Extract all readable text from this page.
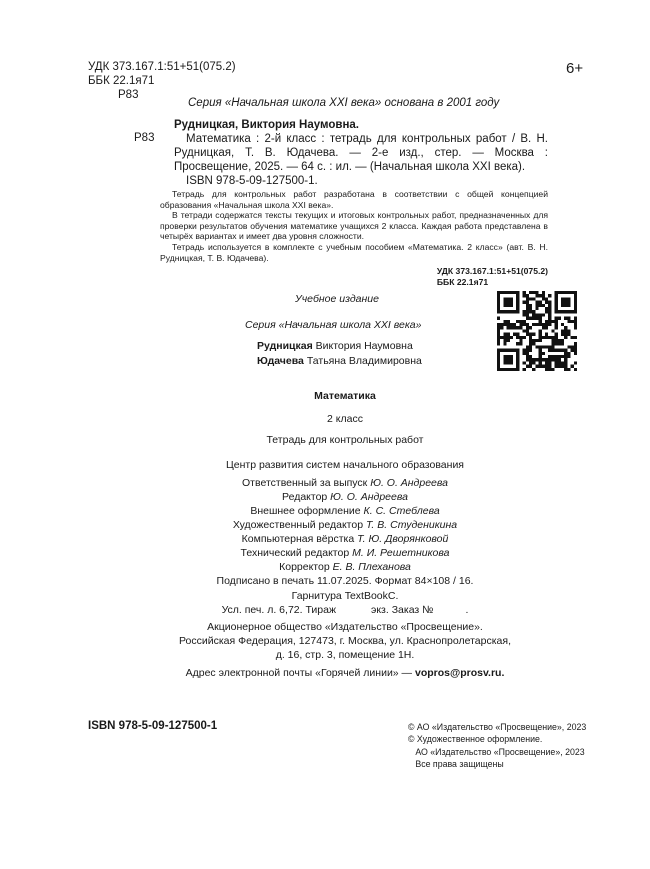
УДК 373.167.1:51+51(075.2)
ББК 22.1я71
Р83
6+
Серия «Начальная школа XXI века» основана в 2001 году
Р83
Рудницкая, Виктория Наумовна.
Математика : 2-й класс : тетрадь для контрольных работ / В. Н. Рудницкая, Т. В. Юдачева. — 2-е изд., стер. — Москва : Просвещение, 2025. — 64 с. : ил. — (Начальная школа XXI века).
ISBN 978-5-09-127500-1.

Тетрадь для контрольных работ разработана в соответствии с общей концепцией образования «Начальная школа XXI века».

В тетради содержатся тексты текущих и итоговых контрольных работ, предназначенных для проверки результатов обучения математике учащихся 2 класса. Каждая работа представлена в четырёх вариантах и имеет два уровня сложности.

Тетрадь используется в комплекте с учебным пособием «Математика. 2 класс» (авт. В. Н. Рудницкая, Т. В. Юдачева).

УДК 373.167.1:51+51(075.2)
ББК 22.1я71
Учебное издание
Серия «Начальная школа XXI века»
Рудницкая Виктория Наумовна
Юдачева Татьяна Владимировна
Математика
2 класс
Тетрадь для контрольных работ
Центр развития систем начального образования
Ответственный за выпуск Ю. О. Андреева
Редактор Ю. О. Андреева
Внешнее оформление К. С. Стеблева
Художественный редактор Т. В. Студеникина
Компьютерная вёрстка Т. Ю. Дворянковой
Технический редактор М. И. Решетникова
Корректор Е. В. Плеханова
Подписано в печать 11.07.2025. Формат 84×108 / 16.
Гарнитура TextBookC.
Усл. печ. л. 6,72. Тираж            экз. Заказ №           .
Акционерное общество «Издательство «Просвещение».
Российская Федерация, 127473, г. Москва, ул. Краснопролетарская,
д. 16, стр. 3, помещение 1Н.
Адрес электронной почты «Горячей линии» — vopros@prosv.ru.
ISBN 978-5-09-127500-1	© АО «Издательство «Просвещение», 2023
© Художественное оформление.
АО «Издательство «Просвещение», 2023
Все права защищены
